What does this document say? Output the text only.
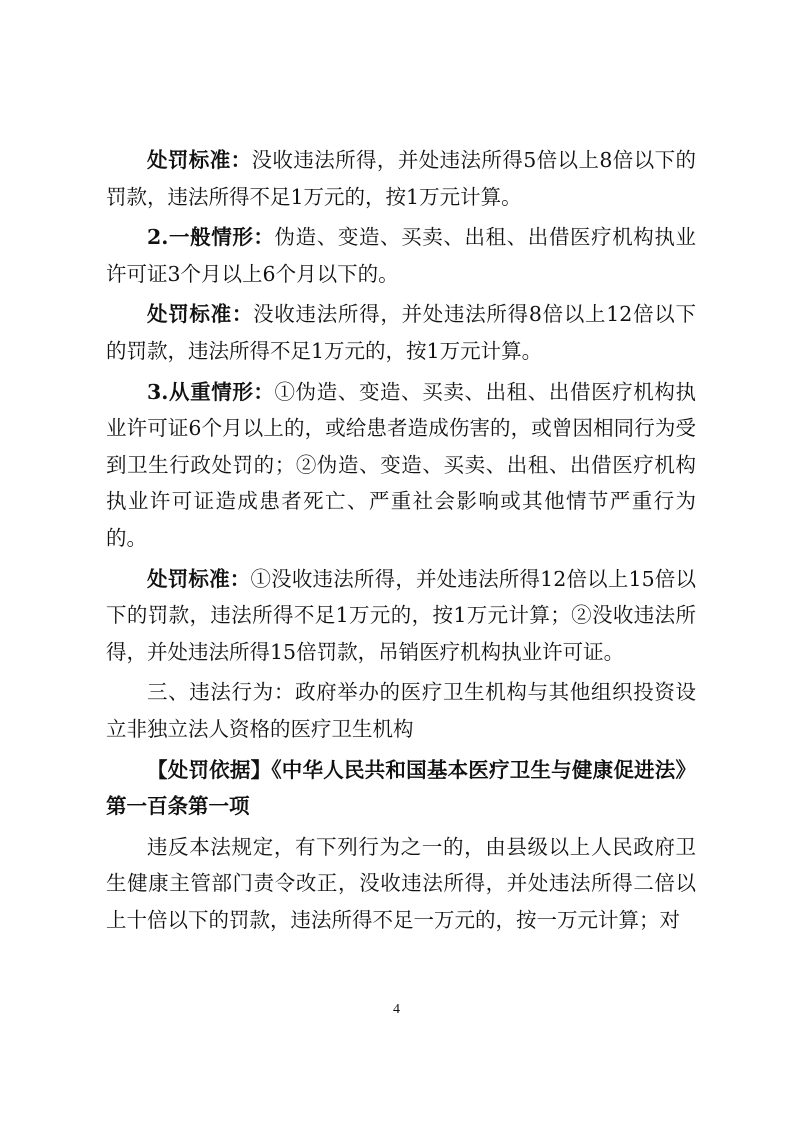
处罚标准：没收违法所得，并处违法所得5倍以上8倍以下的罚款，违法所得不足1万元的，按1万元计算。

2.一般情形：伪造、变造、买卖、出租、出借医疗机构执业许可证3个月以上6个月以下的。

处罚标准：没收违法所得，并处违法所得8倍以上12倍以下的罚款，违法所得不足1万元的，按1万元计算。

3.从重情形：①伪造、变造、买卖、出租、出借医疗机构执业许可证6个月以上的，或给患者造成伤害的，或曾因相同行为受到卫生行政处罚的；②伪造、变造、买卖、出租、出借医疗机构执业许可证造成患者死亡、严重社会影响或其他情节严重行为的。

处罚标准：①没收违法所得，并处违法所得12倍以上15倍以下的罚款，违法所得不足1万元的，按1万元计算；②没收违法所得，并处违法所得15倍罚款，吊销医疗机构执业许可证。

三、违法行为：政府举办的医疗卫生机构与其他组织投资设立非独立法人资格的医疗卫生机构

【处罚依据】《中华人民共和国基本医疗卫生与健康促进法》第一百条第一项

违反本法规定，有下列行为之一的，由县级以上人民政府卫生健康主管部门责令改正，没收违法所得，并处违法所得二倍以上十倍以下的罚款，违法所得不足一万元的，按一万元计算；对

4
